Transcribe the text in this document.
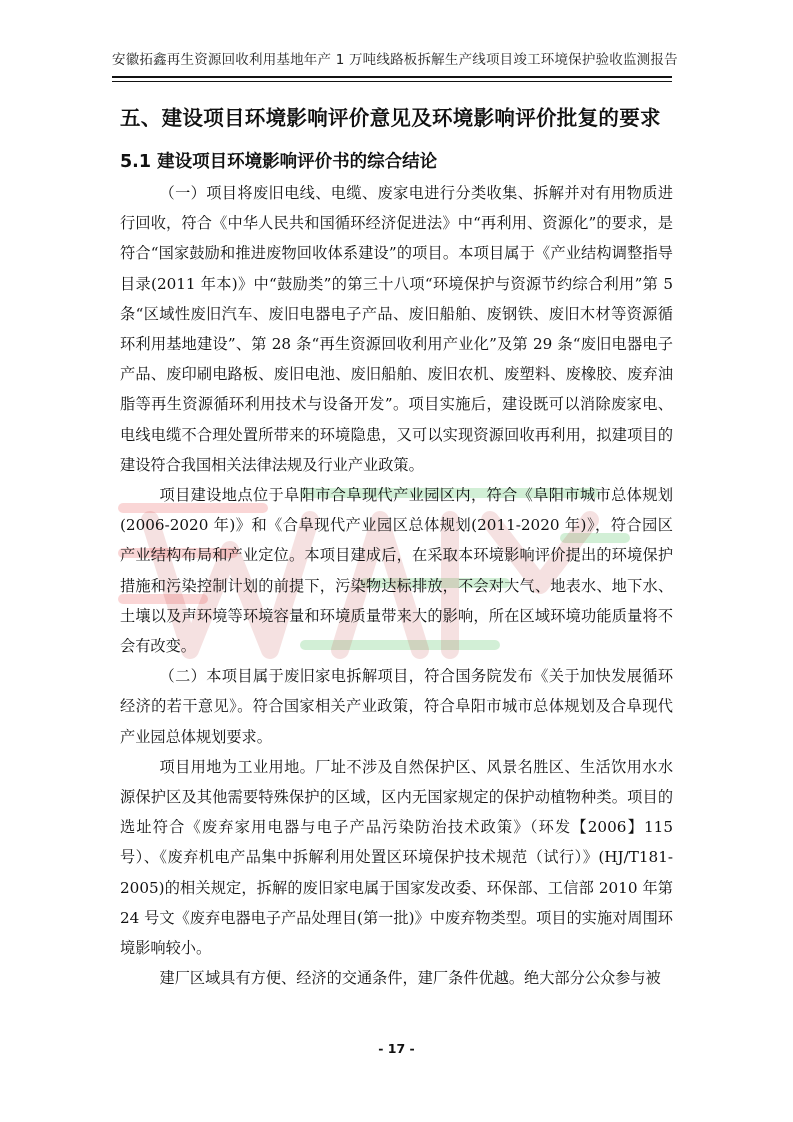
安徽拓鑫再生资源回收利用基地年产 1 万吨线路板拆解生产线项目竣工环境保护验收监测报告
五、建设项目环境影响评价意见及环境影响评价批复的要求
5.1 建设项目环境影响评价书的综合结论

（一）项目将废旧电线、电缆、废家电进行分类收集、拆解并对有用物质进行回收，符合《中华人民共和国循环经济促进法》中“再利用、资源化”的要求，是符合“国家鼓励和推进废物回收体系建设”的项目。本项目属于《产业结构调整指导目录(2011 年本)》中“鼓励类”的第三十八项“环境保护与资源节约综合利用”第 5 条“区域性废旧汽车、废旧电器电子产品、废旧船舶、废钢铁、废旧木材等资源循环利用基地建设”、第 28 条“再生资源回收利用产业化”及第 29 条“废旧电器电子产品、废印刷电路板、废旧电池、废旧船舶、废旧农机、废塑料、废橡胶、废弃油脂等再生资源循环利用技术与设备开发”。项目实施后，建设既可以消除废家电、电线电缆不合理处置所带来的环境隐患，又可以实现资源回收再利用，拟建项目的建设符合我国相关法律法规及行业产业政策。

项目建设地点位于阜阳市合阜现代产业园区内，符合《阜阳市城市总体规划(2006-2020 年)》和《合阜现代产业园区总体规划(2011-2020 年)》，符合园区产业结构布局和产业定位。本项目建成后，在采取本环境影响评价提出的环境保护措施和污染控制计划的前提下，污染物达标排放，不会对大气、地表水、地下水、土壤以及声环境等环境容量和环境质量带来大的影响，所在区域环境功能质量将不会有改变。

（二）本项目属于废旧家电拆解项目，符合国务院发布《关于加快发展循环经济的若干意见》。符合国家相关产业政策，符合阜阳市城市总体规划及合阜现代产业园总体规划要求。

项目用地为工业用地。厂址不涉及自然保护区、风景名胜区、生活饮用水水源保护区及其他需要特殊保护的区域，区内无国家规定的保护动植物种类。项目的选址符合《废弃家用电器与电子产品污染防治技术政策》（环发【2006】115 号）、《废弃机电产品集中拆解利用处置区环境保护技术规范（试行）》(HJ/T181-2005)的相关规定，拆解的废旧家电属于国家发改委、环保部、工信部 2010 年第 24 号文《废弃电器电子产品处理目(第一批)》中废弃物类型。项目的实施对周围环境影响较小。

建厂区域具有方便、经济的交通条件，建厂条件优越。绝大部分公众参与被

- 17 -
